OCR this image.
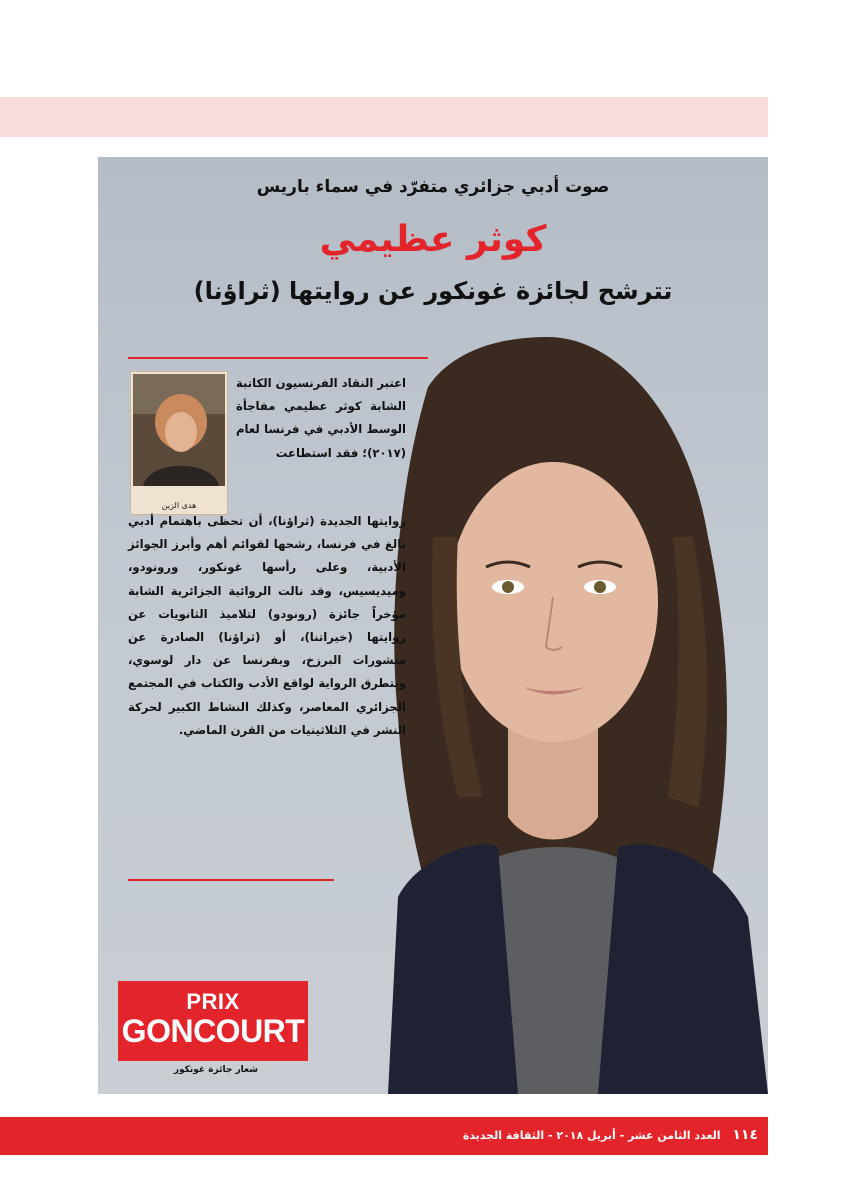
صوت أدبي جزائري متفرّد في سماء باريس
كوثر عظيمي
تترشح لجائزة غونكور عن روايتها (ثراؤنا)
هدى الزين
اعتبر النقاد الفرنسيون الكاتبة الشابة كوثر عظيمي مفاجأة الوسط الأدبي في فرنسا لعام (٢٠١٧)؛ فقد استطاعت
روايتها الجديدة (ثراؤنا)، أن تحظى باهتمام أدبي بالغ في فرنسا، رشحها لقوائم أهم وأبرز الجوائز الأدبية، وعلى رأسها غونكور، ورونودو، وميديسيس، وقد نالت الروائية الجزائرية الشابة مؤخراً جائزة (رونودو) لتلاميذ الثانويات عن روايتها (خيراتنا)، أو (ثراؤنا) الصادرة عن منشورات البرزخ، وبفرنسا عن دار لوسوي، وتتطرق الرواية لواقع الأدب والكتاب في المجتمع الجزائري المعاصر، وكذلك النشاط الكبير لحركة النشر في الثلاثينيات من القرن الماضي.
PRIX
GONCOURT
شعار جائزة غونكور
١١٤ العدد الثامن عشر - أبريل ٢٠١٨ - الثقافة الجديدة
